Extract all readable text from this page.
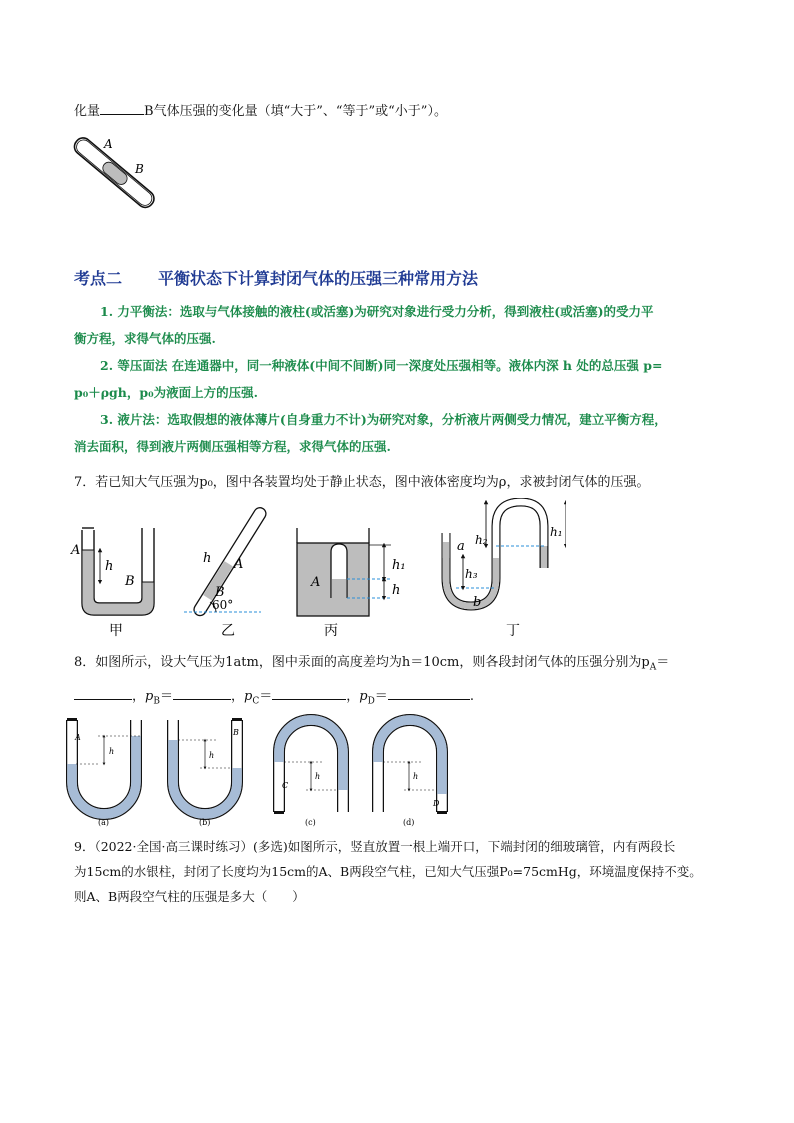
化量	B气体压强的变化量（填“大于”、“等于”或“小于”）。
A
B
考点二 平衡状态下计算封闭气体的压强三种常用方法
1. 力平衡法：选取与气体接触的液柱(或活塞)为研究对象进行受力分析，得到液柱(或活塞)的受力平
衡方程，求得气体的压强.
2. 等压面法 在连通器中，同一种液体(中间不间断)同一深度处压强相等。液体内深 h 处的总压强 p=
p₀＋ρgh，p₀为液面上方的压强.
3. 液片法：选取假想的液体薄片(自身重力不计)为研究对象，分析液片两侧受力情况，建立平衡方程，
消去面积，得到液片两侧压强相等方程，求得气体的压强.
7．若已知大气压强为p₀，图中各装置均处于静止状态，图中液体密度均为ρ，求被封闭气体的压强。
A
h
B
甲
h A
B
60°
乙
A
h₁
h
丙
a h₂
h₃
b
h₁
丁
8．如图所示，设大气压为1atm，图中汞面的高度差均为h＝10cm，则各段封闭气体的压强分别为$p_A=$
，$p_B=$	，$p_C=$	，$p_D=$	.
A
h
(a)
B
h
(b)
C
h
(c)
D
h
(d)
9．（2022·全国·高三课时练习）(多选)如图所示，竖直放置一根上端开口，下端封闭的细玻璃管，内有两段长
为15cm的水银柱，封闭了长度均为15cm的A、B两段空气柱，已知大气压强P₀=75cmHg，环境温度保持不变。
则A、B两段空气柱的压强是多大（　　）
